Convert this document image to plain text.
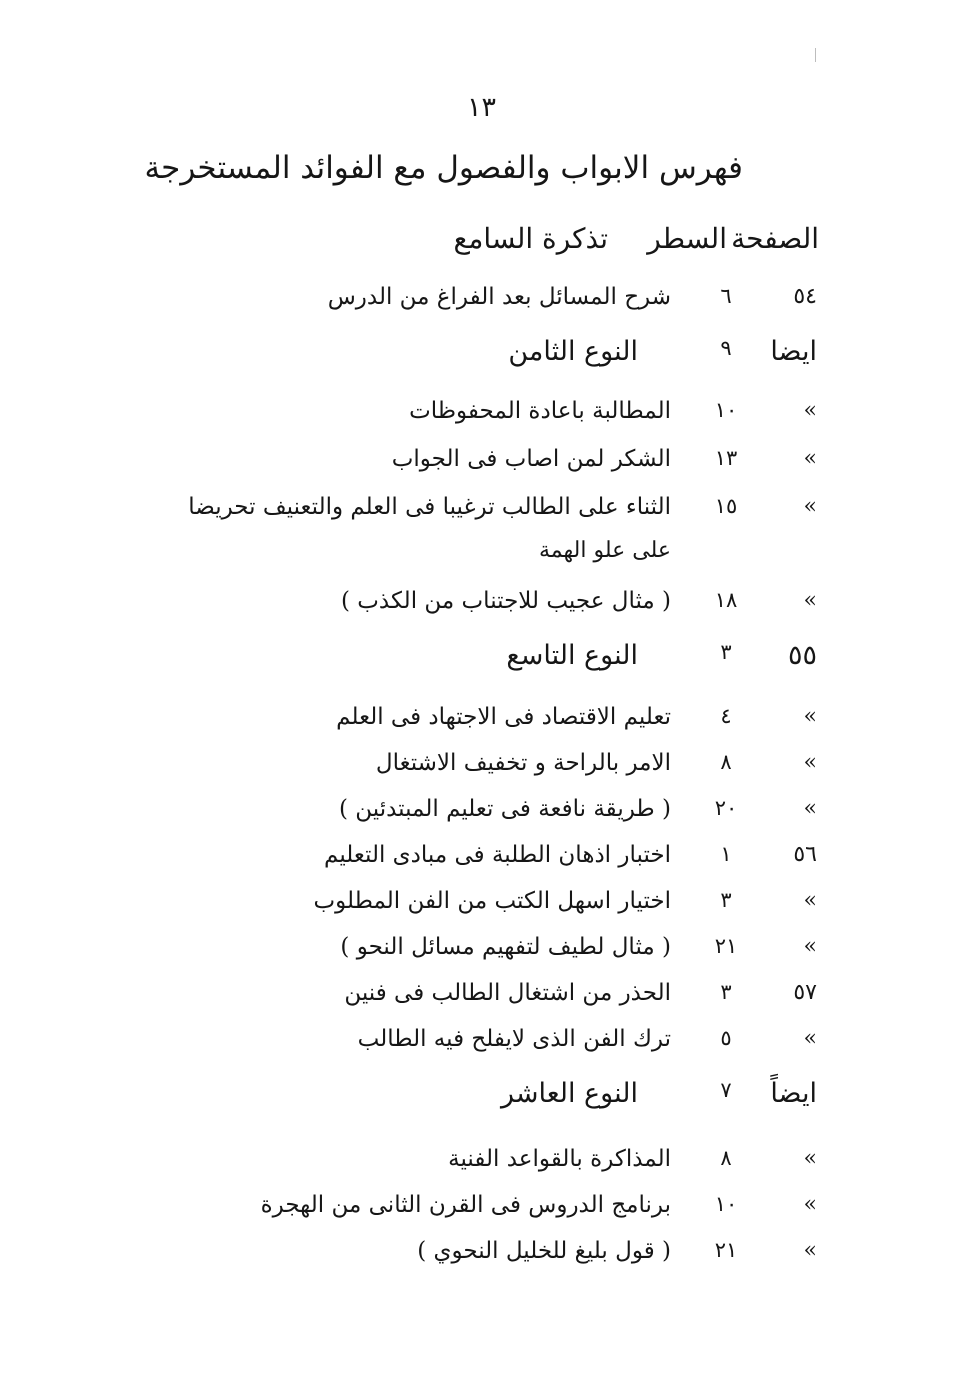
١٣
فهرس الابواب والفصول مع الفوائد المستخرجة
الصفحة
السطر
تذكرة السامع
٥٤
٦
شرح المسائل بعد الفراغ من الدرس
ايضا
٩
النوع الثامن
»
١٠
المطالبة باعادة المحفوظات
»
١٣
الشكر لمن اصاب فى الجواب
»
١٥
الثناء على الطالب ترغيبا فى العلم والتعنيف تحريضا
على علو الهمة
»
١٨
( مثال عجيب للاجتناب من الكذب )
٥٥
٣
النوع التاسع
»
٤
تعليم الاقتصاد فى الاجتهاد فى العلم
»
٨
الامر بالراحة و تخفيف الاشتغال
»
٢٠
( طريقة نافعة فى تعليم المبتدئين )
٥٦
١
اختبار اذهان الطلبة فى مبادى التعليم
»
٣
اختيار اسهل الكتب من الفن المطلوب
»
٢١
( مثال لطيف لتفهيم مسائل النحو )
٥٧
٣
الحذر من اشتغال الطالب فى فنين
»
٥
ترك الفن الذى لايفلح فيه الطالب
ايضاً
٧
النوع العاشر
»
٨
المذاكرة بالقواعد الفنية
»
١٠
برنامج الدروس فى القرن الثانى من الهجرة
»
٢١
( قول بليغ للخليل النحوي )
